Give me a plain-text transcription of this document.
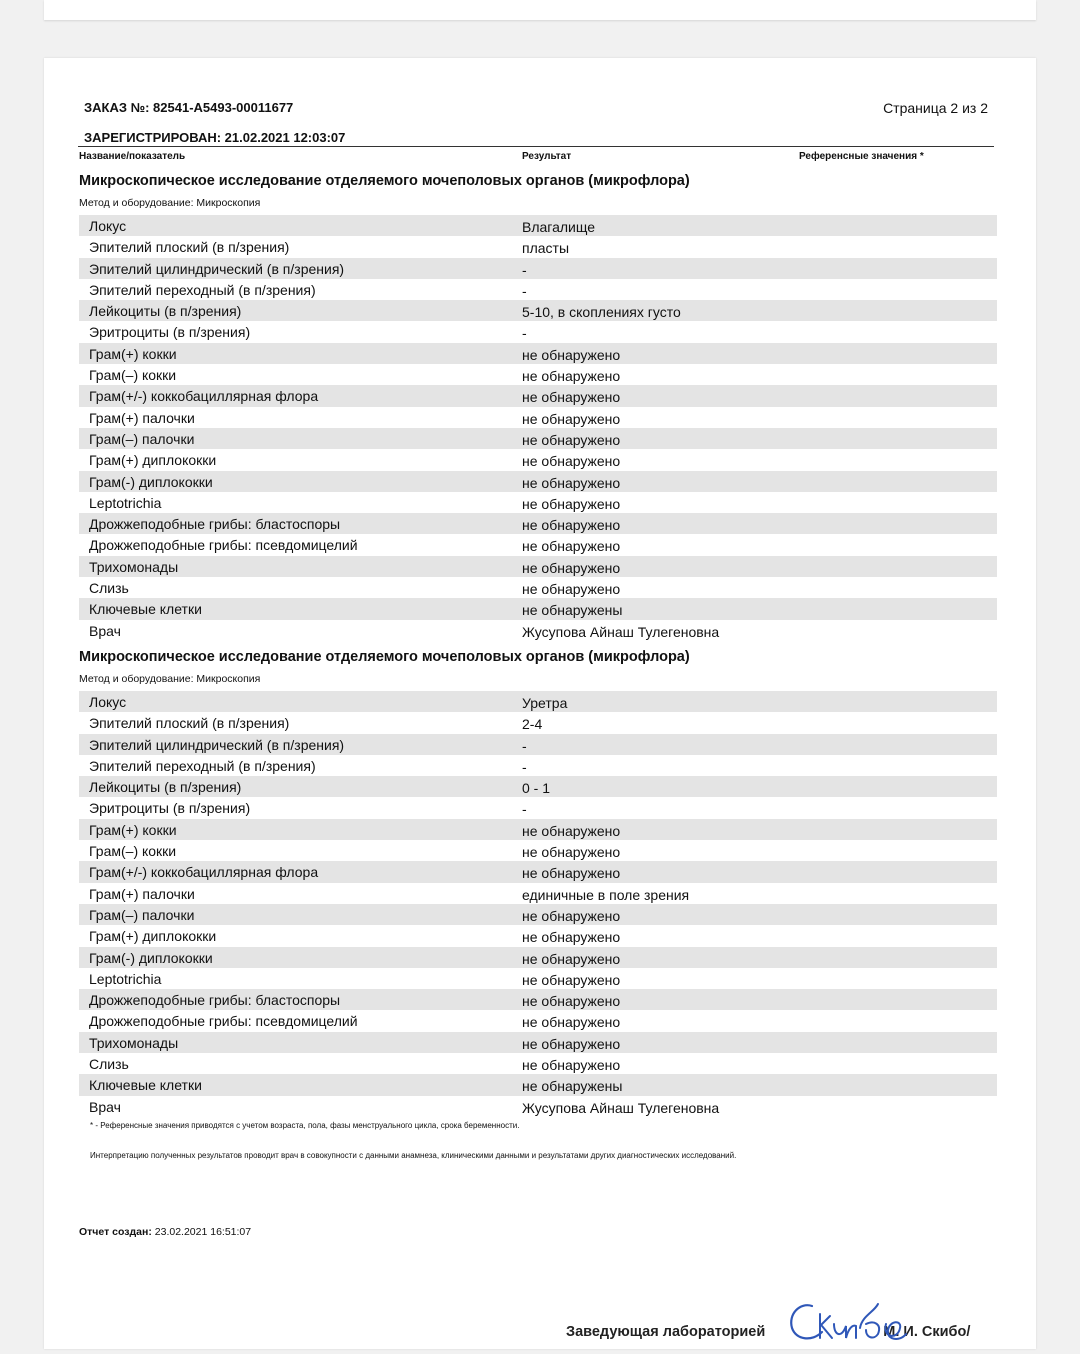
ЗАКАЗ №: 82541-A5493-00011677	Страница 2 из 2
ЗАРЕГИСТРИРОВАН: 21.02.2021 12:03:07
Название/показатель	Результат	Референсные значения *
Микроскопическое исследование отделяемого мочеполовых органов (микрофлора)
Метод и оборудование: Микроскопия
Локус	Влагалище
Эпителий плоский (в п/зрения)	пласты
Эпителий цилиндрический (в п/зрения)	-
Эпителий переходный (в п/зрения)	-
Лейкоциты (в п/зрения)	5-10, в скоплениях густо
Эритроциты (в п/зрения)	-
Грам(+) кокки	не обнаружено
Грам(–) кокки	не обнаружено
Грам(+/-) коккобациллярная флора	не обнаружено
Грам(+) палочки	не обнаружено
Грам(–) палочки	не обнаружено
Грам(+) диплококки	не обнаружено
Грам(-) диплококки	не обнаружено
Leptotrichia	не обнаружено
Дрожжеподобные грибы: бластоспоры	не обнаружено
Дрожжеподобные грибы: псевдомицелий	не обнаружено
Трихомонады	не обнаружено
Слизь	не обнаружено
Ключевые клетки	не обнаружены
Врач	Жусупова Айнаш Тулегеновна
Микроскопическое исследование отделяемого мочеполовых органов (микрофлора)
Метод и оборудование: Микроскопия
Локус	Уретра
Эпителий плоский (в п/зрения)	2-4
Эпителий цилиндрический (в п/зрения)	-
Эпителий переходный (в п/зрения)	-
Лейкоциты (в п/зрения)	0 - 1
Эритроциты (в п/зрения)	-
Грам(+) кокки	не обнаружено
Грам(–) кокки	не обнаружено
Грам(+/-) коккобациллярная флора	не обнаружено
Грам(+) палочки	единичные в поле зрения
Грам(–) палочки	не обнаружено
Грам(+) диплококки	не обнаружено
Грам(-) диплококки	не обнаружено
Leptotrichia	не обнаружено
Дрожжеподобные грибы: бластоспоры	не обнаружено
Дрожжеподобные грибы: псевдомицелий	не обнаружено
Трихомонады	не обнаружено
Слизь	не обнаружено
Ключевые клетки	не обнаружены
Врач	Жусупова Айнаш Тулегеновна
* - Референсные значения приводятся с учетом возраста, пола, фазы менструального цикла, срока беременности.
Интерпретацию полученных результатов проводит врач в совокупности с данными анамнеза, клиническими данными и результатами других диагностических исследований.
Отчет создан: 23.02.2021 16:51:07
Заведующая лабораторией	М. И. Скибо/
